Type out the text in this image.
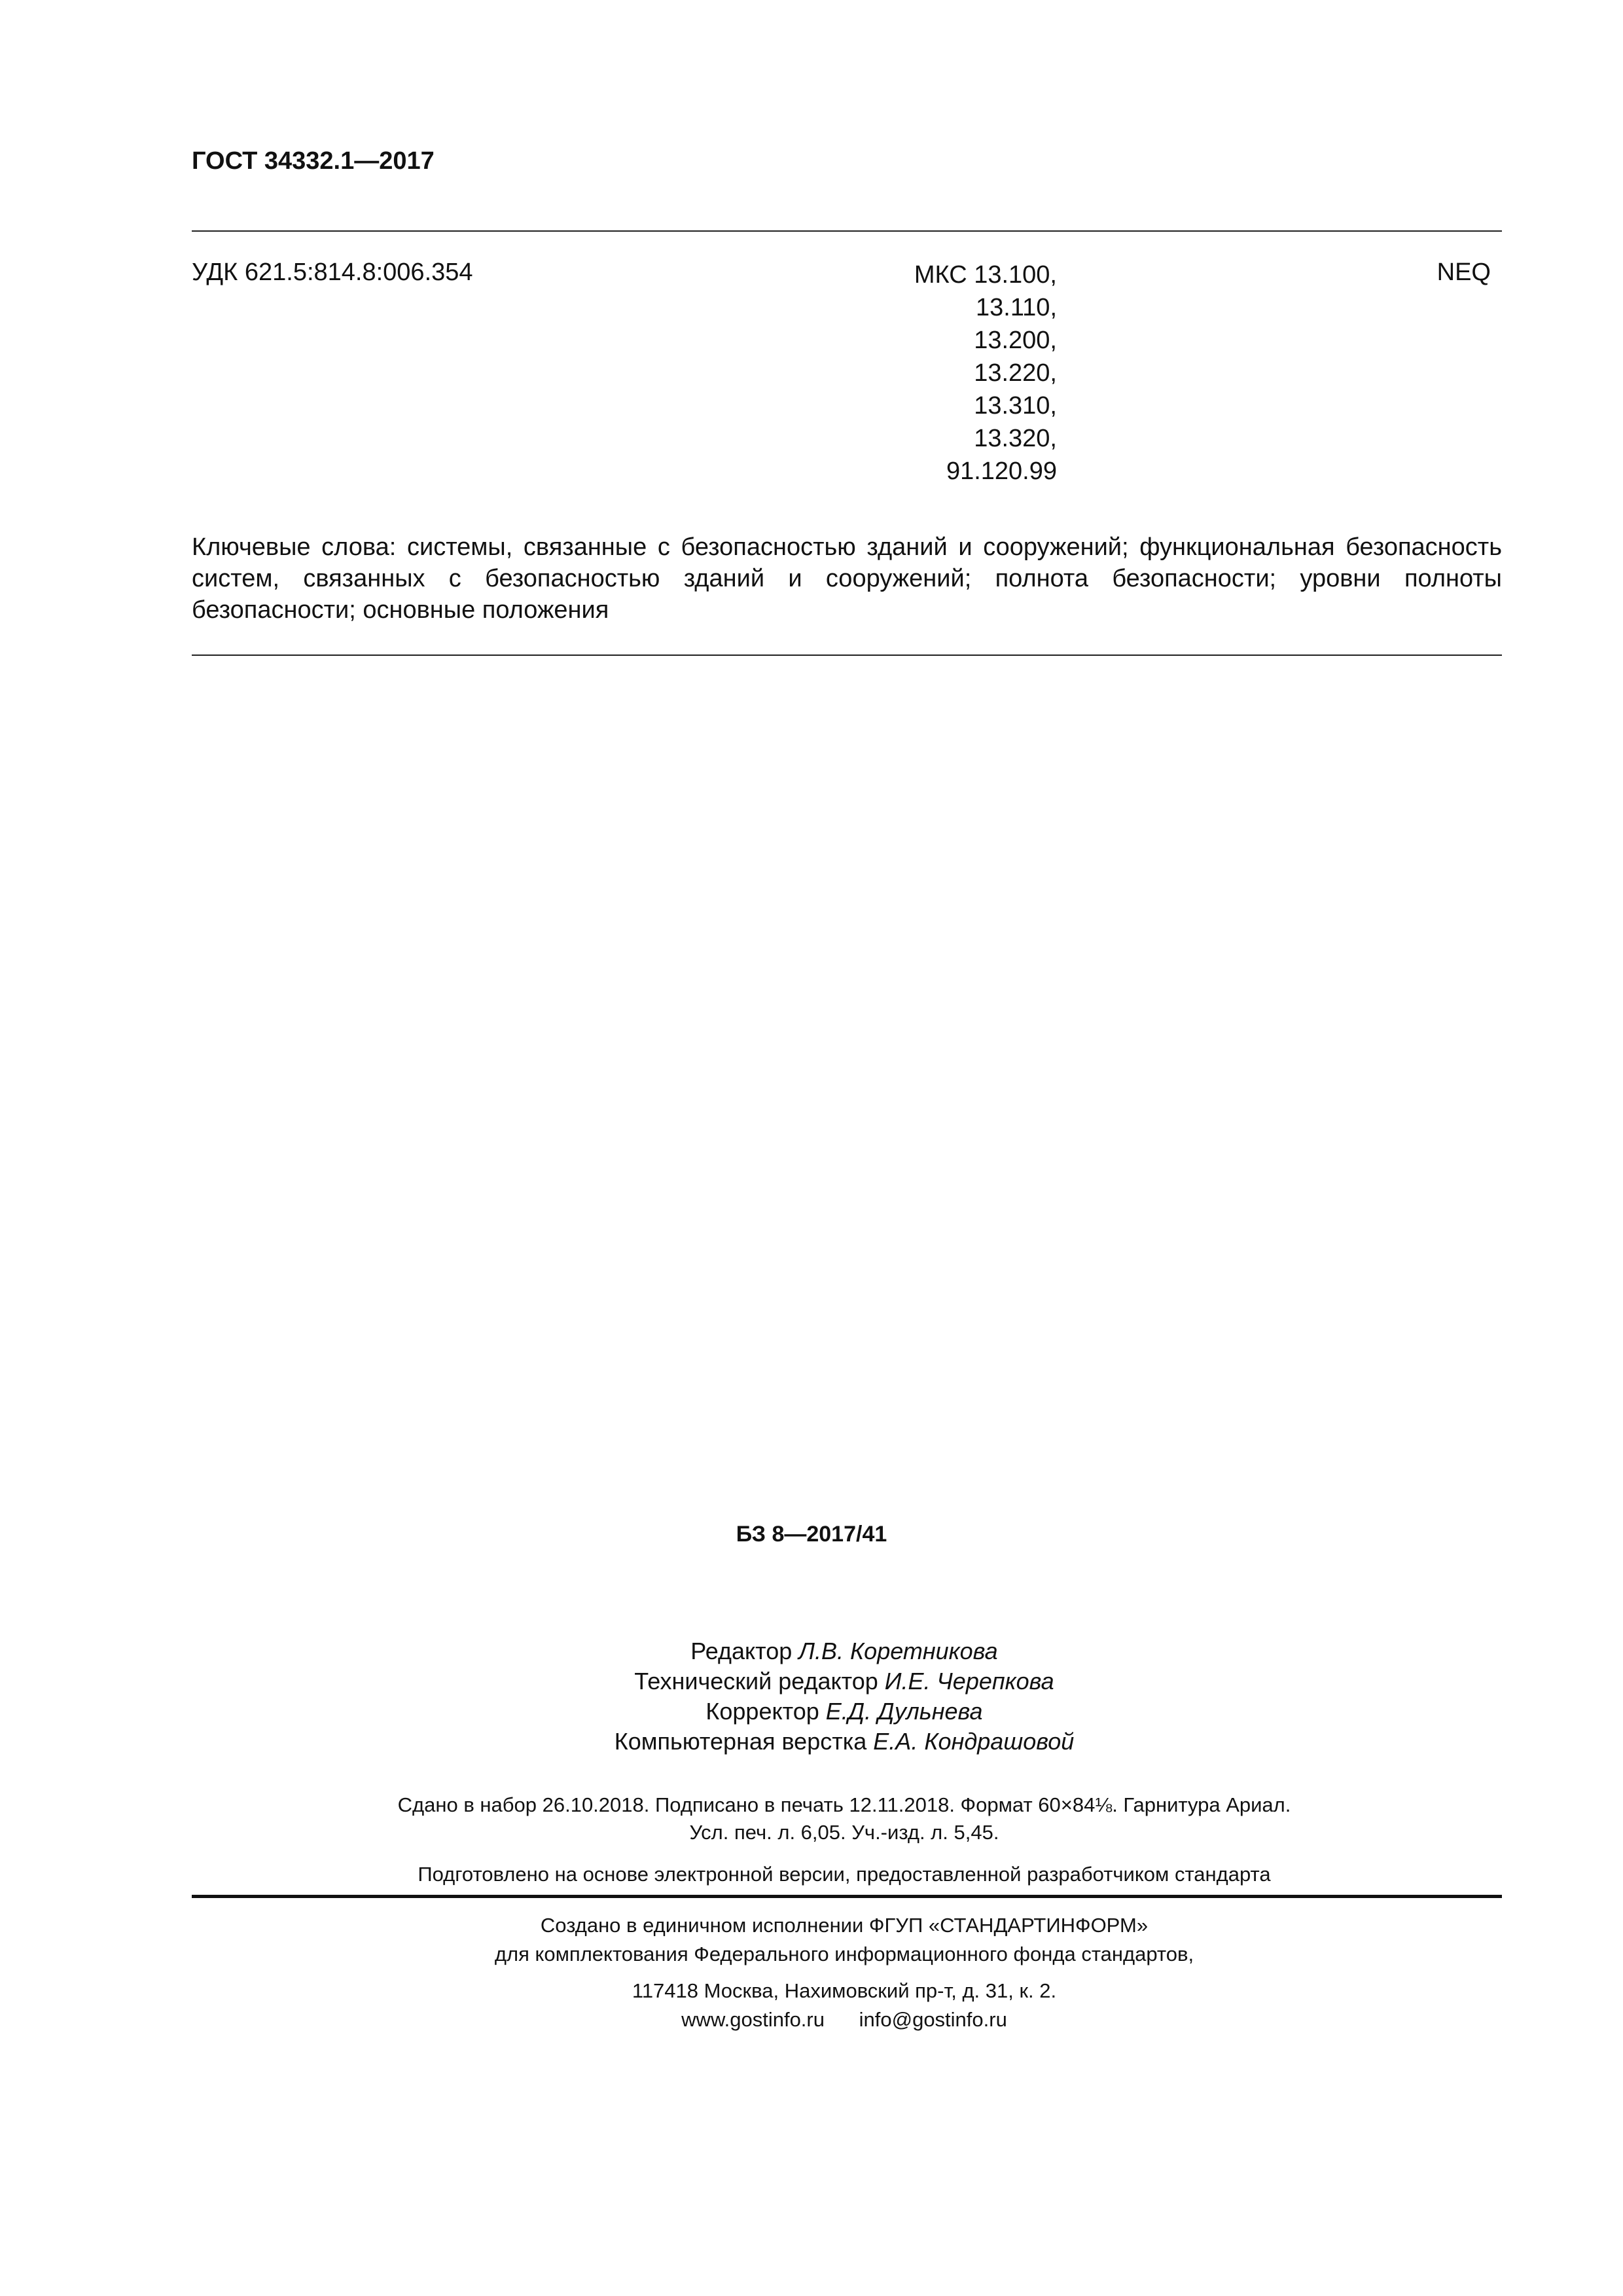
ГОСТ 34332.1—2017
УДК 621.5:814.8:006.354	МКС 13.100,
13.110,
13.200,
13.220,
13.310,
13.320,
91.120.99
NEQ
Ключевые слова: системы, связанные с безопасностью зданий и сооружений; функциональная безопасность систем, связанных с безопасностью зданий и сооружений; полнота безопасности; уровни полноты безопасности; основные положения
БЗ 8—2017/41
Редактор Л.В. Коретникова
Технический редактор И.Е. Черепкова
Корректор Е.Д. Дульнева
Компьютерная верстка Е.А. Кондрашовой
Сдано в набор 26.10.2018. Подписано в печать 12.11.2018. Формат 60×84⅛. Гарнитура Ариал.
Усл. печ. л. 6,05. Уч.-изд. л. 5,45.
Подготовлено на основе электронной версии, предоставленной разработчиком стандарта
Создано в единичном исполнении ФГУП «СТАНДАРТИНФОРМ»
для комплектования Федерального информационного фонда стандартов,
117418 Москва, Нахимовский пр-т, д. 31, к. 2.
www.gostinfo.ru info@gostinfo.ru
